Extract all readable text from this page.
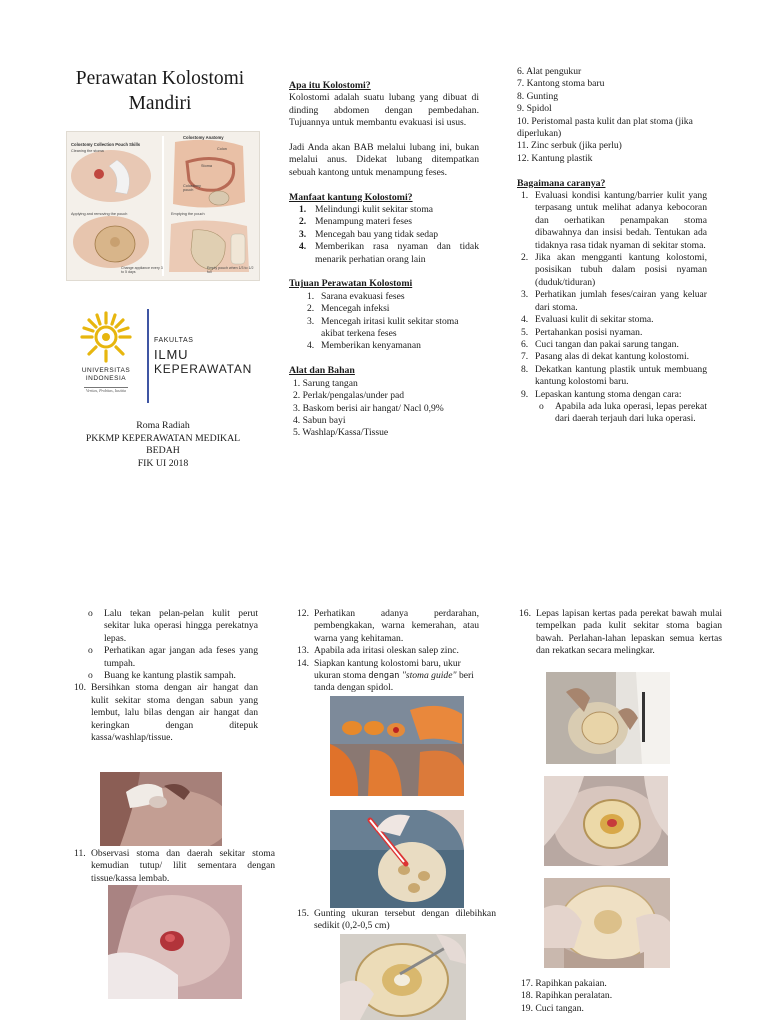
Perawatan Kolostomi
Mandiri
Colostomy Collection Pouch Skills
Colostomy Anatomy
Cleaning the stoma	Colon
Stoma
Colostomy pouch
Applying and removing the pouch	Emptying the pouch
Change appliance every 3 to 5 days
Empty pouch when 1/3 to 1/2 full
UNIVERSITAS
INDONESIA
Veritas, Probitas, Iustitia
FAKULTAS
ILMU
KEPERAWATAN
Roma Radiah
PKKMP KEPERAWATAN MEDIKAL
BEDAH
FIK UI 2018

Apa itu Kolostomi?

Kolostomi adalah suatu lubang yang dibuat di dinding abdomen dengan pembedahan. Tujuannya untuk membantu evakuasi isi usus.

Jadi Anda akan BAB melalui lubang ini, bukan melalui anus. Didekat lubang ditempatkan sebuah kantong untuk menampung feses.

Manfaat kantung Kolostomi?

1. Melindungi kulit sekitar stoma
2. Menampung materi feses
3. Mencegah bau yang tidak sedap
4. Memberikan rasa nyaman dan tidak menarik perhatian orang lain

Tujuan Perawatan Kolostomi

1. Sarana evakuasi feses
2. Mencegah infeksi
3. Mencegah iritasi kulit sekitar stoma akibat terkena feses
4. Memberikan kenyamanan

Alat dan Bahan

1. Sarung tangan
2. Perlak/pengalas/under pad
3. Baskom berisi air hangat/ Nacl 0,9%
4. Sabun bayi
5. Washlap/Kassa/Tissue
6. Alat pengukur
7. Kantong stoma baru
8. Gunting
9. Spidol
10. Peristomal pasta kulit dan plat stoma (jika diperlukan)
11. Zinc serbuk (jika perlu)
12. Kantung plastik

Bagaimana caranya?

1. Evaluasi kondisi kantung/barrier kulit yang terpasang untuk melihat adanya kebocoran dan oerhatikan penampakan stoma dibawahnya dan insisi bedah. Tentukan ada tidaknya rasa tidak nyaman di sekitar stoma.
2. Jika akan mengganti kantung kolostomi, posisikan tubuh dalam posisi nyaman (duduk/tiduran)
3. Perhatikan jumlah feses/cairan yang keluar dari stoma.
4. Evaluasi kulit di sekitar stoma.
5. Pertahankan posisi nyaman.
6. Cuci tangan dan pakai sarung tangan.
7. Pasang alas di dekat kantung kolostomi.
8. Dekatkan kantung plastik untuk membuang kantung kolostomi baru.
9. Lepaskan kantung stoma dengan cara:
o Apabila ada luka operasi, lepas perekat dari daerah terjauh dari luka operasi.
o Lalu tekan pelan-pelan kulit perut sekitar luka operasi hingga perekatnya lepas.
o Perhatikan agar jangan ada feses yang tumpah.
o Buang ke kantung plastik sampah.
10. Bersihkan stoma dengan air hangat dan kulit sekitar stoma dengan sabun yang lembut, lalu bilas dengan air hangat dan keringkan dengan ditepuk kassa/washlap/tissue.
11. Observasi stoma dan daerah sekitar stoma kemudian tutup/ lilit sementara dengan tissue/kassa lembab.
12. Perhatikan adanya perdarahan, pembengkakan, warna kemerahan, atau warna yang kehitaman.
13. Apabila ada iritasi oleskan salep zinc.
14. Siapkan kantung kolostomi baru, ukur ukuran stoma dengan "stoma guide" beri tanda dengan spidol.
15. Gunting ukuran tersebut dengan dilebihkan sedikit (0,2-0,5 cm)
16. Lepas lapisan kertas pada perekat bawah mulai tempelkan pada kulit sekitar stoma bagian bawah. Perlahan-lahan lepaskan semua kertas dan rekatkan secara melingkar.
17. Rapihkan pakaian.
18. Rapihkan peralatan.
19. Cuci tangan.
